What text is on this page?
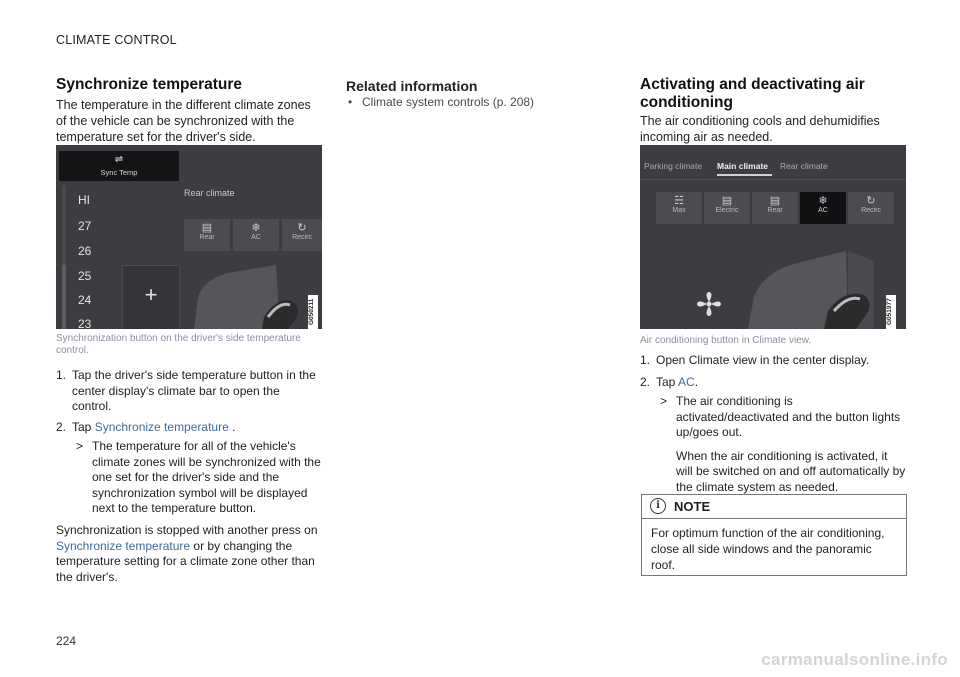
CLIMATE CONTROL
224
carmanualsonline.info
Synchronize temperature
The temperature in the different climate zones of the vehicle can be synchronized with the temperature set for the driver's side.
⇌
Sync Temp
HI
27
26
25
24
23
+
Rear climate
▤
Rear
❄
AC
↻
Recirc
G050211
Synchronization button on the driver's side temperature control.
1. Tap the driver's side temperature button in the center display's climate bar to open the control.
2. Tap Synchronize temperature .
> The temperature for all of the vehicle's climate zones will be synchronized with the one set for the driver's side and the synchronization symbol will be displayed next to the temperature button.
Synchronization is stopped with another press on Synchronize temperature or by changing the temperature setting for a climate zone other than the driver's.
Related information
• Climate system controls (p. 208)
Activating and deactivating air conditioning
The air conditioning cools and dehumidifies incoming air as needed.
Parking climate Main climate Rear climate
☵
Max
▤
Electric
▤
Rear
❄
AC
↻
Recirc
G051977
Air conditioning button in Climate view.
1. Open Climate view in the center display.
2. Tap AC.
> The air conditioning is activated/deactivated and the button lights up/goes out.
When the air conditioning is activated, it will be switched on and off automatically by the climate system as needed.
i	NOTE
For optimum function of the air conditioning, close all side windows and the panoramic roof.
